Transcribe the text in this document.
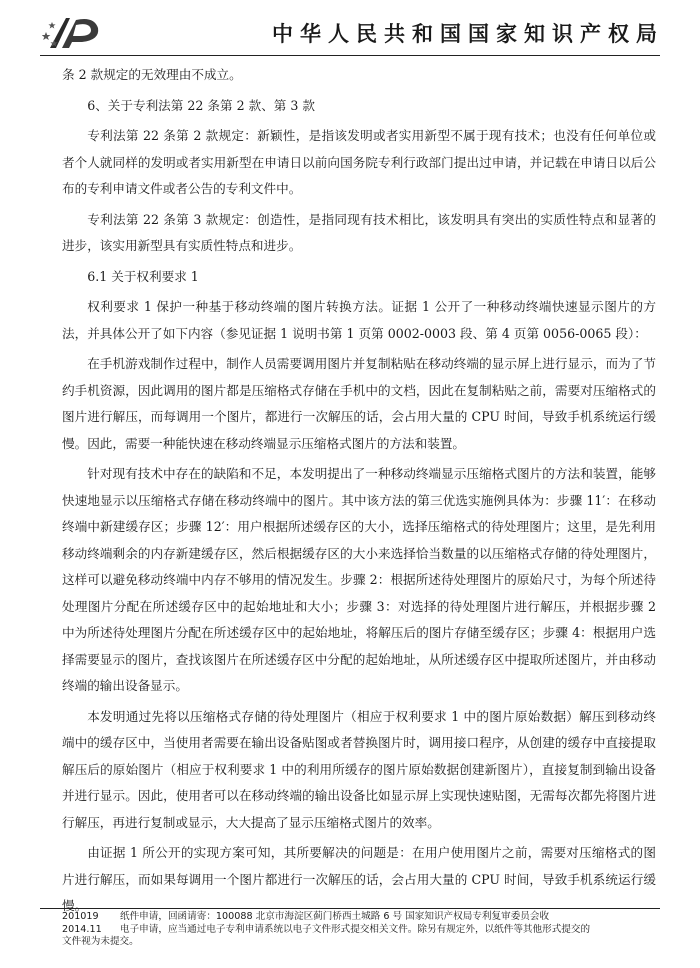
中华人民共和国国家知识产权局

条 2 款规定的无效理由不成立。

6、关于专利法第 22 条第 2 款、第 3 款

专利法第 22 条第 2 款规定：新颖性，是指该发明或者实用新型不属于现有技术；也没有任何单位或者个人就同样的发明或者实用新型在申请日以前向国务院专利行政部门提出过申请，并记载在申请日以后公布的专利申请文件或者公告的专利文件中。

专利法第 22 条第 3 款规定：创造性，是指同现有技术相比，该发明具有突出的实质性特点和显著的进步，该实用新型具有实质性特点和进步。

6.1 关于权利要求 1

权利要求 1 保护一种基于移动终端的图片转换方法。证据 1 公开了一种移动终端快速显示图片的方法，并具体公开了如下内容（参见证据 1 说明书第 1 页第 0002-0003 段、第 4 页第 0056-0065 段）：

在手机游戏制作过程中，制作人员需要调用图片并复制粘贴在移动终端的显示屏上进行显示，而为了节约手机资源，因此调用的图片都是压缩格式存储在手机中的文档，因此在复制粘贴之前，需要对压缩格式的图片进行解压，而每调用一个图片，都进行一次解压的话，会占用大量的 CPU 时间，导致手机系统运行缓慢。因此，需要一种能快速在移动终端显示压缩格式图片的方法和装置。

针对现有技术中存在的缺陷和不足，本发明提出了一种移动终端显示压缩格式图片的方法和装置，能够快速地显示以压缩格式存储在移动终端中的图片。其中该方法的第三优选实施例具体为：步骤 11′：在移动终端中新建缓存区；步骤 12′：用户根据所述缓存区的大小，选择压缩格式的待处理图片；这里，是先利用移动终端剩余的内存新建缓存区，然后根据缓存区的大小来选择恰当数量的以压缩格式存储的待处理图片，这样可以避免移动终端中内存不够用的情况发生。步骤 2：根据所述待处理图片的原始尺寸，为每个所述待处理图片分配在所述缓存区中的起始地址和大小；步骤 3：对选择的待处理图片进行解压，并根据步骤 2 中为所述待处理图片分配在所述缓存区中的起始地址，将解压后的图片存储至缓存区；步骤 4：根据用户选择需要显示的图片，查找该图片在所述缓存区中分配的起始地址，从所述缓存区中提取所述图片，并由移动终端的输出设备显示。

本发明通过先将以压缩格式存储的待处理图片（相应于权利要求 1 中的图片原始数据）解压到移动终端中的缓存区中，当使用者需要在输出设备贴图或者替换图片时，调用接口程序，从创建的缓存中直接提取解压后的原始图片（相应于权利要求 1 中的利用所缓存的图片原始数据创建新图片），直接复制到输出设备并进行显示。因此，使用者可以在移动终端的输出设备比如显示屏上实现快速贴图，无需每次都先将图片进行解压，再进行复制或显示，大大提高了显示压缩格式图片的效率。

由证据 1 所公开的实现方案可知，其所要解决的问题是：在用户使用图片之前，需要对压缩格式的图片进行解压，而如果每调用一个图片都进行一次解压的话，会占用大量的 CPU 时间，导致手机系统运行缓慢。

201019 纸件申请，回函请寄：100088 北京市海淀区蓟门桥西土城路 6 号 国家知识产权局专利复审委员会收
2014.11 电子申请，应当通过电子专利申请系统以电子文件形式提交相关文件。除另有规定外，以纸件等其他形式提交的
文件视为未提交。
